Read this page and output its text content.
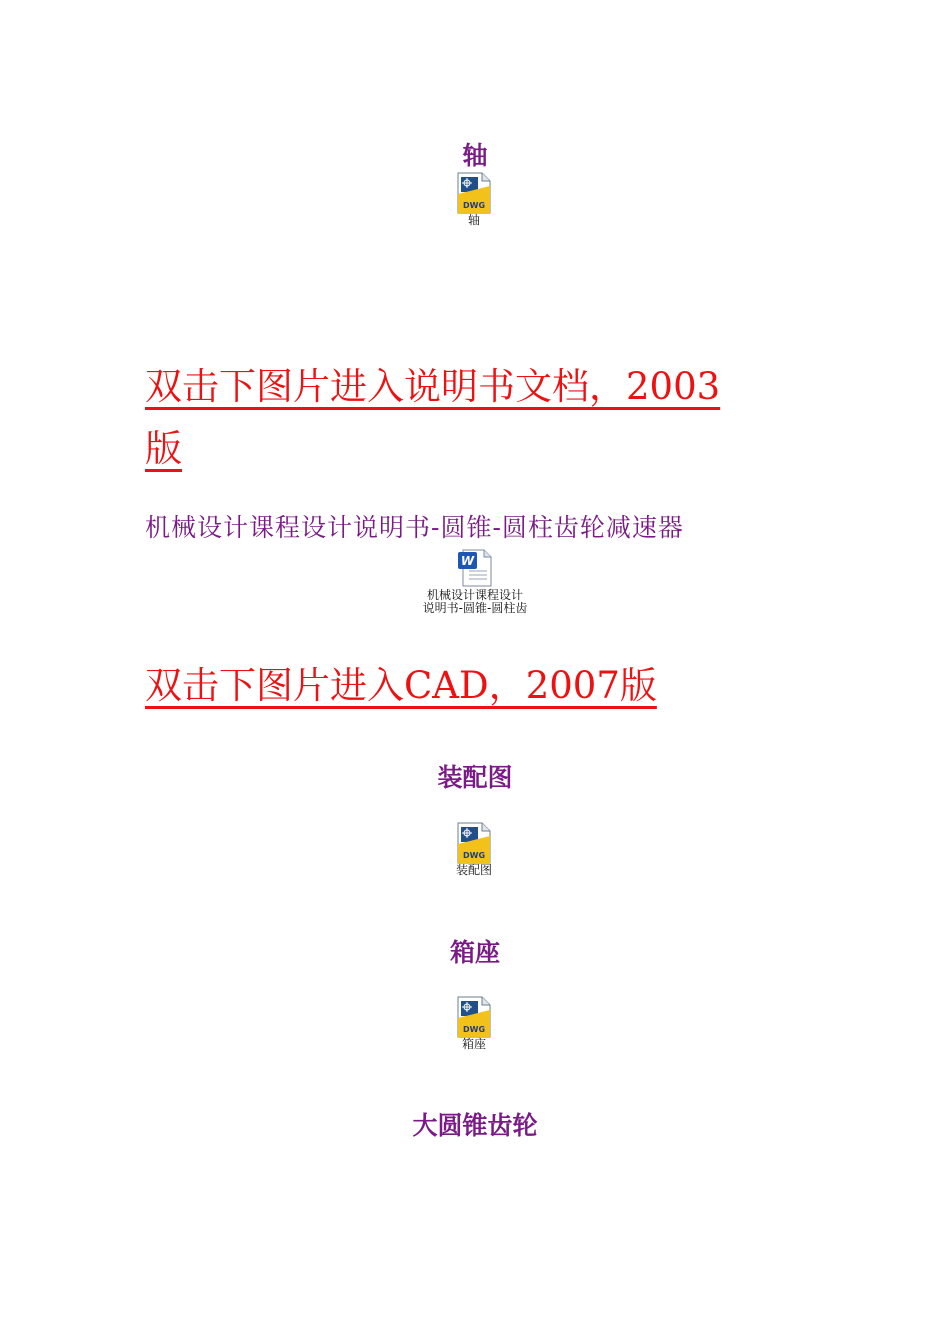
轴
DWG
轴
双击下图片进入说明书文档，2003
版
机械设计课程设计说明书-圆锥-圆柱齿轮减速器
W
机械设计课程设计
说明书-圆锥-圆柱齿
双击下图片进入CAD，2007版
装配图
DWG
装配图
箱座
DWG
箱座
大圆锥齿轮
